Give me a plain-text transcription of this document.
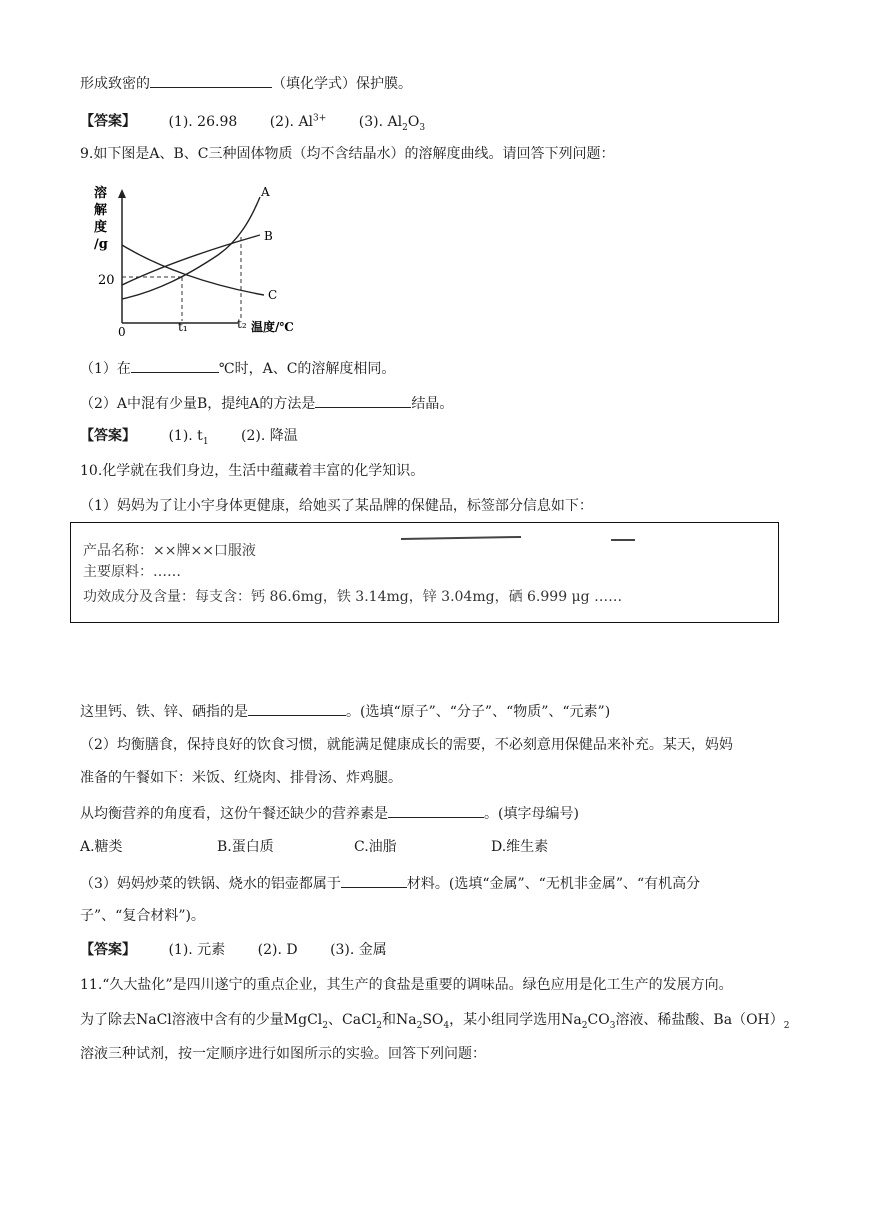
形成致密的	（填化学式）保护膜。
【答案】 (1). 26.98 (2). $Al^{3+}$ (3). $Al_2O_3$
9.如下图是A、B、C三种固体物质（均不含结晶水）的溶解度曲线。请回答下列问题：
溶
解
度
/g
20
0	t₁	t₂ 温度/℃
A
B
C
（1）在	℃时，A、C的溶解度相同。
（2）A中混有少量B，提纯A的方法是	结晶。
【答案】 (1). $t_1$ (2). 降温
10.化学就在我们身边，生活中蕴藏着丰富的化学知识。
（1）妈妈为了让小宇身体更健康，给她买了某品牌的保健品，标签部分信息如下：
产品名称：××牌××口服液
主要原料：……
功效成分及含量：每支含：钙 86.6mg，铁 3.14mg，锌 3.04mg，硒 6.999 μg ……
这里钙、铁、锌、硒指的是	。(选填“原子”、“分子”、“物质”、“元素”)
（2）均衡膳食，保持良好的饮食习惯，就能满足健康成长的需要，不必刻意用保健品来补充。某天，妈妈
准备的午餐如下：米饭、红烧肉、排骨汤、炸鸡腿。
从均衡营养的角度看，这份午餐还缺少的营养素是	。(填字母编号)
A.糖类	B.蛋白质	C.油脂	D.维生素
（3）妈妈炒菜的铁锅、烧水的铝壶都属于	材料。(选填“金属”、“无机非金属”、“有机高分
子”、“复合材料”)。
【答案】 (1). 元素 (2). D (3). 金属
11.“久大盐化”是四川遂宁的重点企业，其生产的食盐是重要的调味品。绿色应用是化工生产的发展方向。
为了除去NaCl溶液中含有的少量MgCl$_2$、CaCl$_2$和$Na_2SO_4$，某小组同学选用$Na_2CO_3$溶液、稀盐酸、$Ba(OH)_2$
溶液三种试剂，按一定顺序进行如图所示的实验。回答下列问题：
